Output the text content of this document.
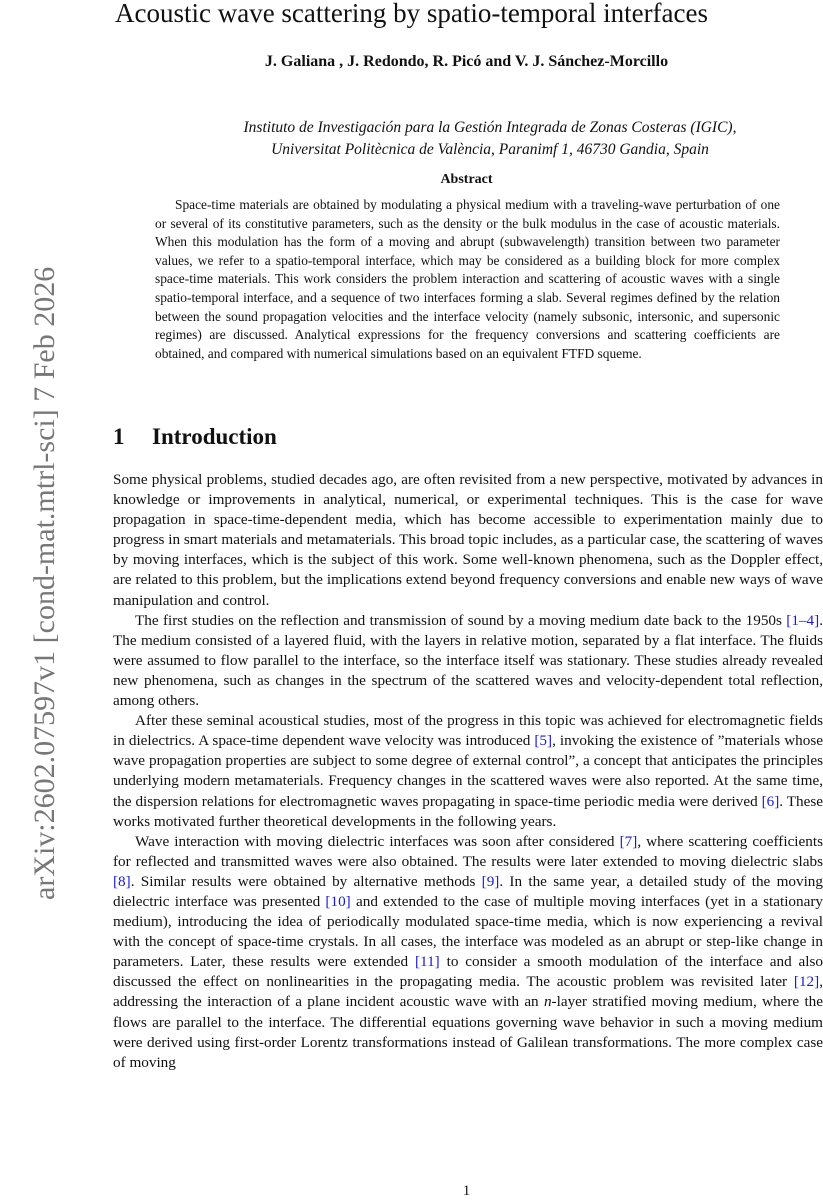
Acoustic wave scattering by spatio-temporal interfaces
J. Galiana , J. Redondo, R. Picó and V. J. Sánchez-Morcillo
Instituto de Investigación para la Gestión Integrada de Zonas Costeras (IGIC),
Universitat Politècnica de València, Paranimf 1, 46730 Gandia, Spain
Abstract

Space-time materials are obtained by modulating a physical medium with a traveling-wave perturbation of one or several of its constitutive parameters, such as the density or the bulk modulus in the case of acoustic materials. When this modulation has the form of a moving and abrupt (subwavelength) transition between two parameter values, we refer to a spatio-temporal interface, which may be considered as a building block for more complex space-time materials. This work considers the problem interaction and scattering of acoustic waves with a single spatio-temporal interface, and a sequence of two interfaces forming a slab. Several regimes defined by the relation between the sound propagation velocities and the interface velocity (namely subsonic, intersonic, and supersonic regimes) are discussed. Analytical expressions for the frequency conversions and scattering coefficients are obtained, and compared with numerical simulations based on an equivalent FTFD squeme.

1 Introduction

Some physical problems, studied decades ago, are often revisited from a new perspective, motivated by advances in knowledge or improvements in analytical, numerical, or experimental techniques. This is the case for wave propagation in space-time-dependent media, which has become accessible to experimentation mainly due to progress in smart materials and metamaterials. This broad topic includes, as a particular case, the scattering of waves by moving interfaces, which is the subject of this work. Some well-known phenomena, such as the Doppler effect, are related to this problem, but the implications extend beyond frequency conversions and enable new ways of wave manipulation and control.

The first studies on the reflection and transmission of sound by a moving medium date back to the 1950s [1–4]. The medium consisted of a layered fluid, with the layers in relative motion, separated by a flat interface. The fluids were assumed to flow parallel to the interface, so the interface itself was stationary. These studies already revealed new phenomena, such as changes in the spectrum of the scattered waves and velocity-dependent total reflection, among others.

After these seminal acoustical studies, most of the progress in this topic was achieved for electromagnetic fields in dielectrics. A space-time dependent wave velocity was introduced [5], invoking the existence of ”materials whose wave propagation properties are subject to some degree of external control”, a concept that anticipates the principles underlying modern metamaterials. Frequency changes in the scattered waves were also reported. At the same time, the dispersion relations for electromagnetic waves propagating in space-time periodic media were derived [6]. These works motivated further theoretical developments in the following years.

Wave interaction with moving dielectric interfaces was soon after considered [7], where scattering coefficients for reflected and transmitted waves were also obtained. The results were later extended to moving dielectric slabs [8]. Similar results were obtained by alternative methods [9]. In the same year, a detailed study of the moving dielectric interface was presented [10] and extended to the case of multiple moving interfaces (yet in a stationary medium), introducing the idea of periodically modulated space-time media, which is now experiencing a revival with the concept of space-time crystals. In all cases, the interface was modeled as an abrupt or step-like change in parameters. Later, these results were extended [11] to consider a smooth modulation of the interface and also discussed the effect on nonlinearities in the propagating media. The acoustic problem was revisited later [12], addressing the interaction of a plane incident acoustic wave with an n-layer stratified moving medium, where the flows are parallel to the interface. The differential equations governing wave behavior in such a moving medium were derived using first-order Lorentz transformations instead of Galilean transformations. The more complex case of moving

arXiv:2602.07597v1 [cond-mat.mtrl-sci] 7 Feb 2026
1
